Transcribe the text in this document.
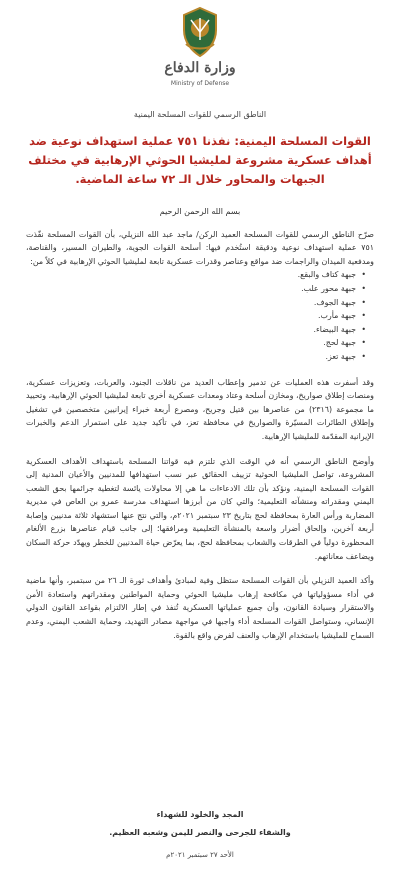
وزارة الدفاع
Ministry of Defense
الناطق الرسمي للقوات المسلحة اليمنية
القوات المسلحة اليمنية: نفذنا ٧٥١ عملية استهداف نوعية ضد أهداف عسكرية مشروعة لمليشيا الحوثي الإرهابية في مختلف الجبهات والمحاور خلال الـ ٧٢ ساعة الماضية.

بسم الله الرحمن الرحيم

صرّح الناطق الرسمي للقوات المسلحة العميد الركن/ ماجد عبد الله النزيلي، بأن القوات المسلحة نفّذت ٧٥١ عملية استهداف نوعية ودقيقة استُخدم فيها: أسلحة القوات الجوية، والطيران المسير، والقناصة، ومدفعية الميدان والراجمات ضد مواقع وعناصر وقدرات عسكرية تابعة لمليشيا الحوثي الإرهابية في كلاً من:

• جبهة كتاف والبقع.
• جبهة محور علب.
• جبهة الجوف.
• جبهة مأرب.
• جبهة البيضاء.
• جبهة لحج.
• جبهة تعز.

وقد أسفرت هذه العمليات عن تدمير وإعطاب العديد من ناقلات الجنود، والعربات، وتعزيزات عسكرية، ومنصات إطلاق صواريخ، ومخازن أسلحة وعتاد ومعدات عسكرية أخرى تابعة لمليشيا الحوثي الإرهابية، وتحييد ما مجموعة (٢٣١٦) من عناصرها بين قتيل وجريح، ومصرع أربعة خبراء إيرانيين متخصصين في تشغيل وإطلاق الطائرات المسيّرة والصواريخ في محافظة تعز، في تأكيد جديد على استمرار الدعم والخبرات الإيرانية المقدّمة للمليشيا الإرهابية.

وأوضح الناطق الرسمي أنه في الوقت الذي تلتزم فيه قواتنا المسلحة باستهداف الأهداف العسكرية المشروعة، تواصل المليشيا الحوثية تزييف الحقائق عبر نسب استهدافها للمدنيين والأعيان المدنية إلى القوات المسلحة اليمنية، ونؤكد بأن تلك الادعاءات ما هي إلا محاولات يائسة لتغطية جرائمها بحق الشعب اليمني ومقدراته ومنشآته التعليمية؛ والتي كان من أبرزها استهداف مدرسة عمرو بن العاص في مديرية المضاربة ورأس العارة بمحافظة لحج بتاريخ ٢٣ سبتمبر ٢٠٢١م، والتي نتج عنها استشهاد ثلاثة مدنيين وإصابة أربعة آخرين، وإلحاق أضرار واسعة بالمنشأة التعليمية ومرافقها؛ إلى جانب قيام عناصرها بزرع الألغام المحظورة دولياً في الطرقات والشعاب بمحافظة لحج، بما يعرّض حياة المدنيين للخطر ويهدّد حركة السكان ويضاعف معاناتهم.

وأكد العميد النزيلي بأن القوات المسلحة ستظل وفية لمبادئ وأهداف ثورة الـ ٢٦ من سبتمبر، وأنها ماضية في أداء مسؤولياتها في مكافحة إرهاب مليشيا الحوثي وحماية المواطنين ومقدراتهم واستعادة الأمن والاستقرار وسيادة القانون، وأن جميع عملياتها العسكرية تُنفذ في إطار الالتزام بقواعد القانون الدولي الإنساني، وستواصل القوات المسلحة أداء واجبها في مواجهة مصادر التهديد، وحماية الشعب اليمني، وعدم السماح للمليشيا باستخدام الإرهاب والعنف لفرض واقع بالقوة.

المجد والخلود للشهداء
والشفاء للجرحى والنصر لليمن وشعبه العظيم.
الأحد ٢٧ سبتمبر ٢٠٢١م
